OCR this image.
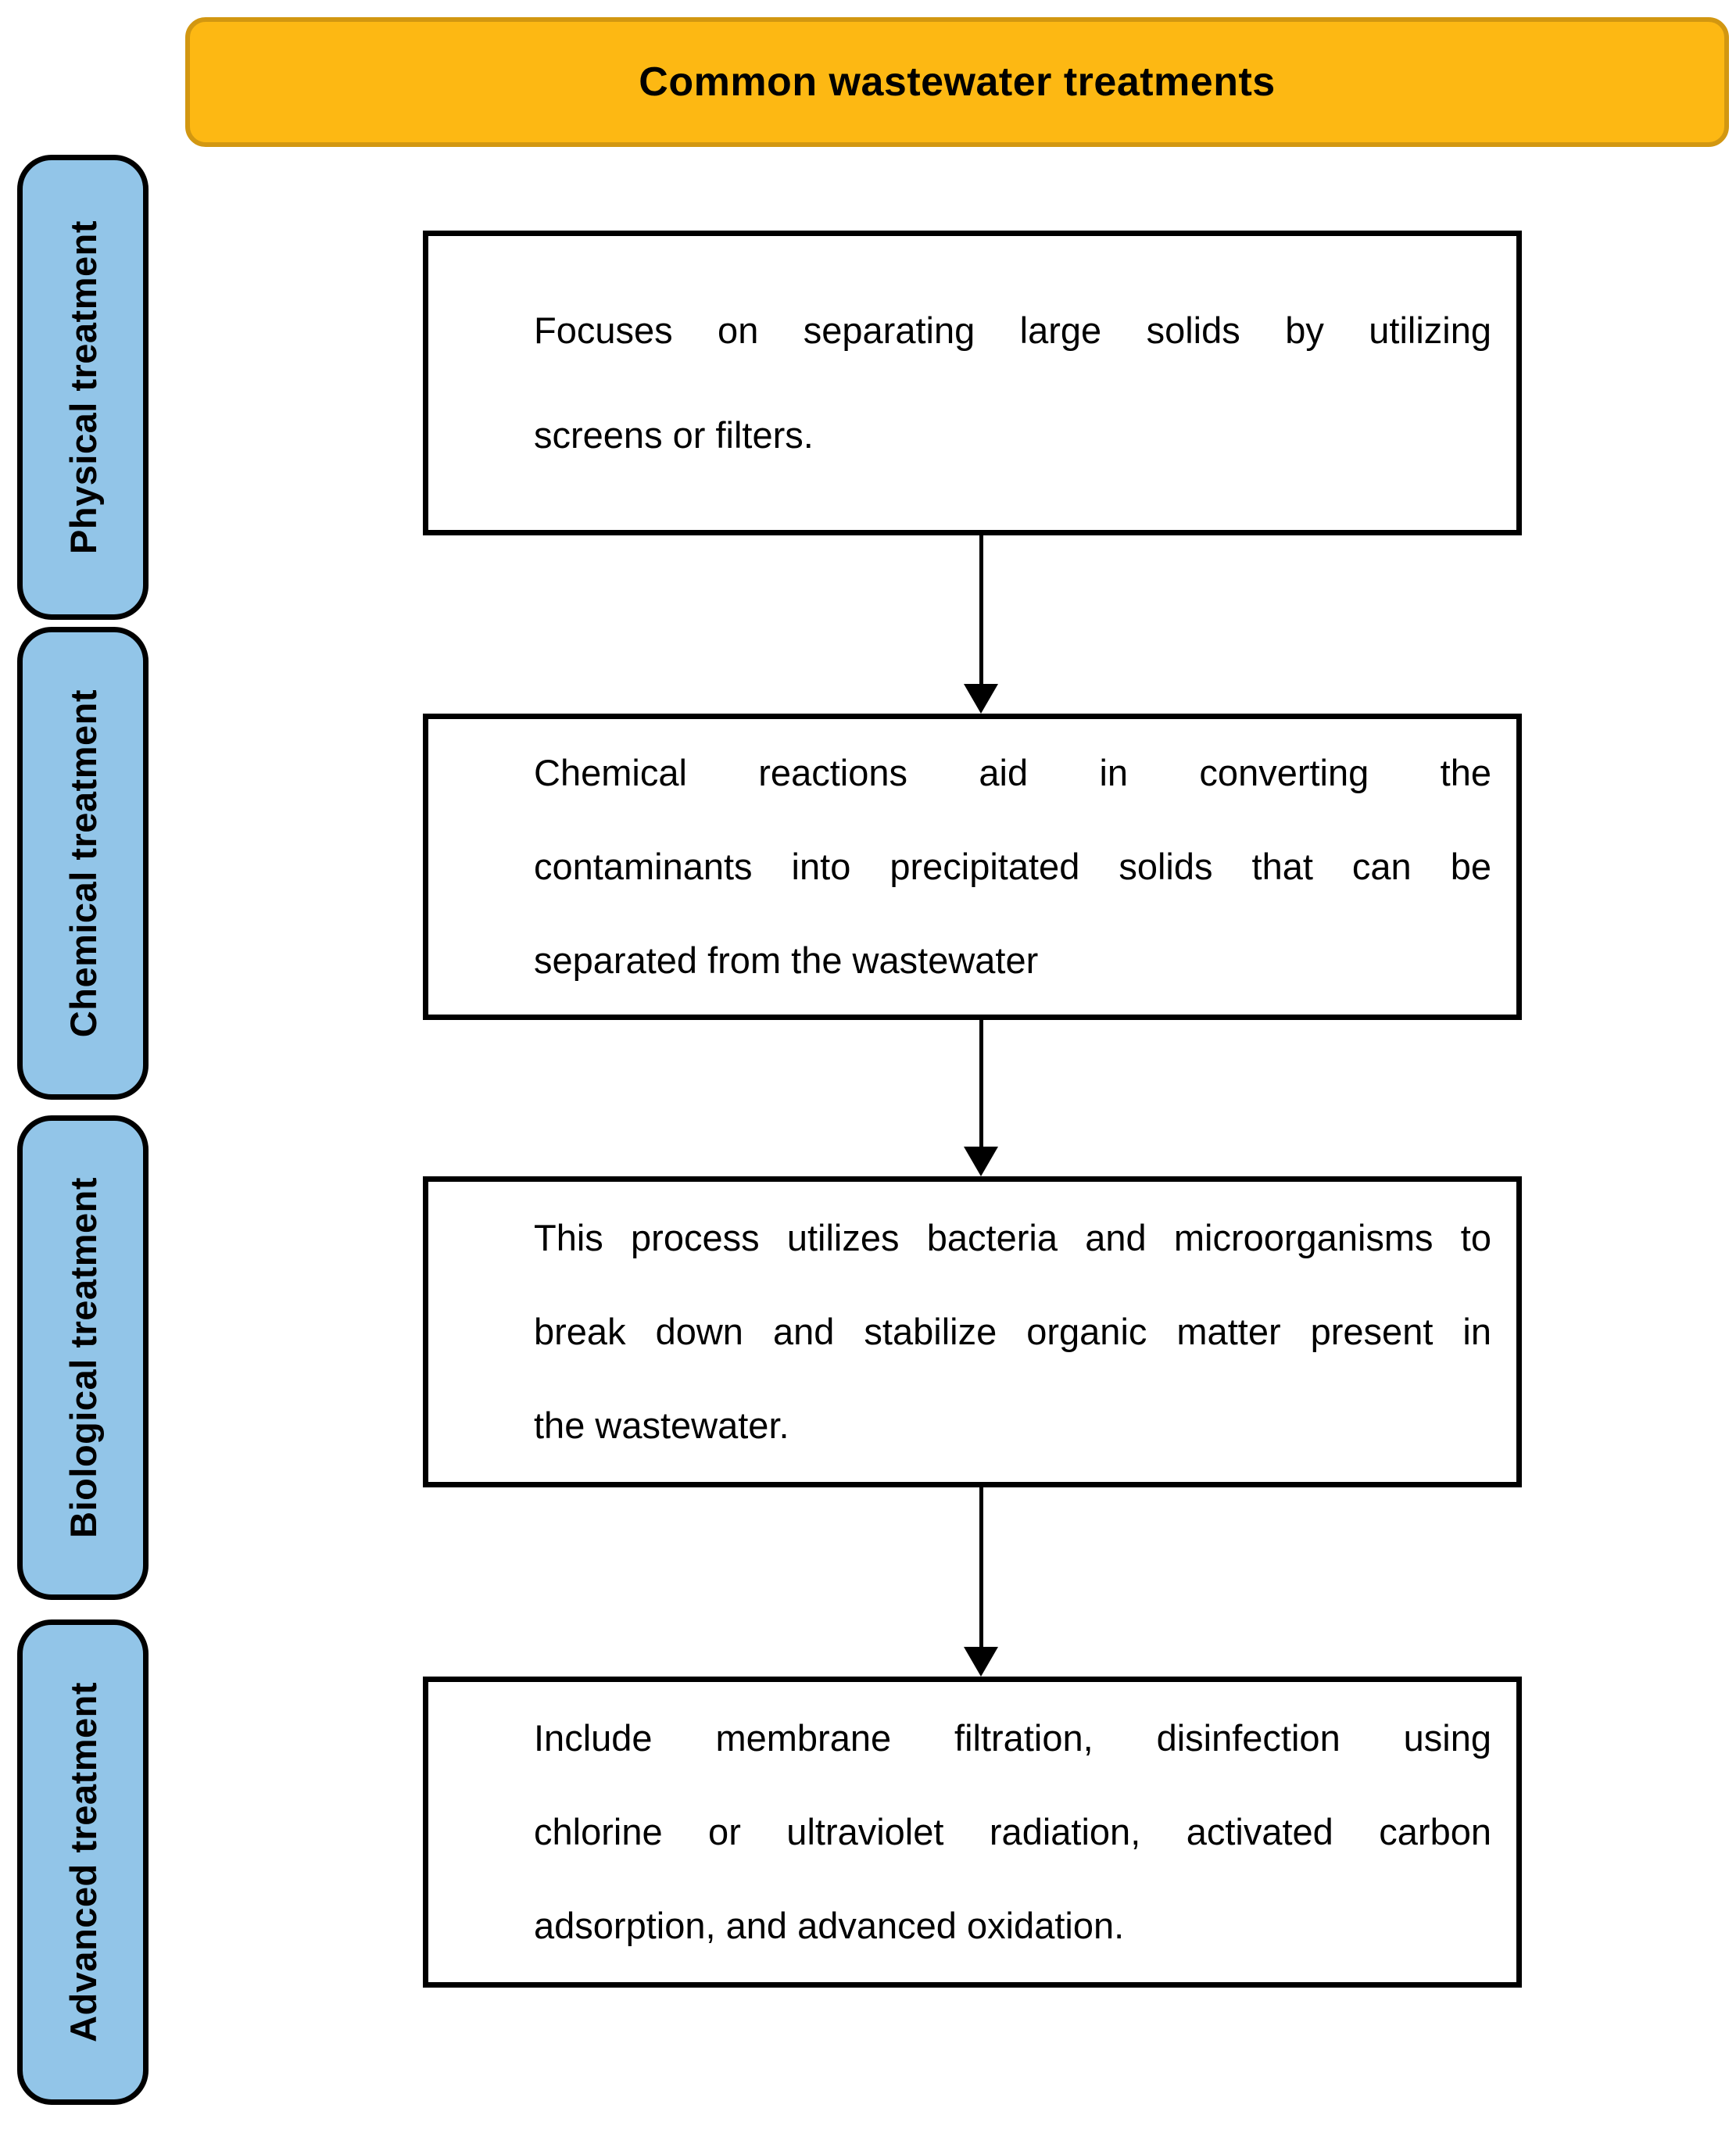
Common wastewater treatments
Physical treatment
Chemical treatment
Biological treatment
Advanced treatment
Focuses on separating large solids by utilizing
screens or filters.
Chemical reactions aid in converting the
contaminants into precipitated solids that can be
separated from the wastewater
This process utilizes bacteria and microorganisms to
break down and stabilize organic matter present in
the wastewater.
Include membrane filtration, disinfection using
chlorine or ultraviolet radiation, activated carbon
adsorption, and advanced oxidation.
